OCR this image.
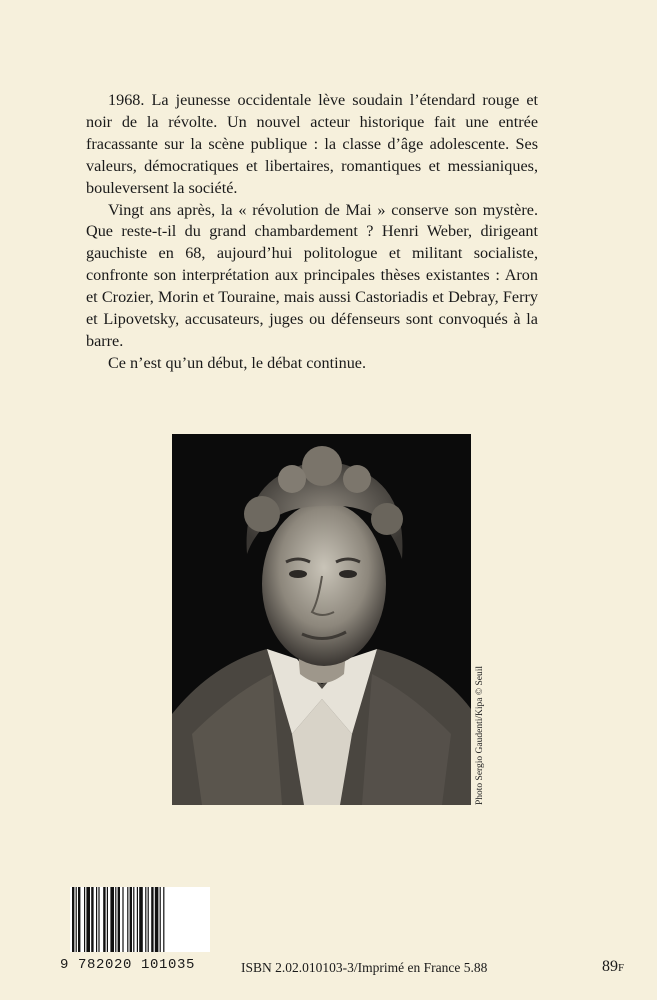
1968. La jeunesse occidentale lève soudain l’étendard rouge et noir de la révolte. Un nouvel acteur historique fait une entrée fracassante sur la scène publique : la classe d’âge adolescente. Ses valeurs, démocratiques et libertaires, romantiques et messianiques, bouleversent la société.

Vingt ans après, la « révolution de Mai » conserve son mystère. Que reste-t-il du grand chambardement ? Henri Weber, dirigeant gauchiste en 68, aujourd’hui politologue et militant socialiste, confronte son interprétation aux principales thèses existantes : Aron et Crozier, Morin et Touraine, mais aussi Castoriadis et Debray, Ferry et Lipovetsky, accusateurs, juges ou défenseurs sont convoqués à la barre.

Ce n’est qu’un début, le débat continue.

Photo Sergio Gaudenti/Kipa © Seuil
9 782020 101035	ISBN 2.02.010103-3/Imprimé en France 5.88	89F
